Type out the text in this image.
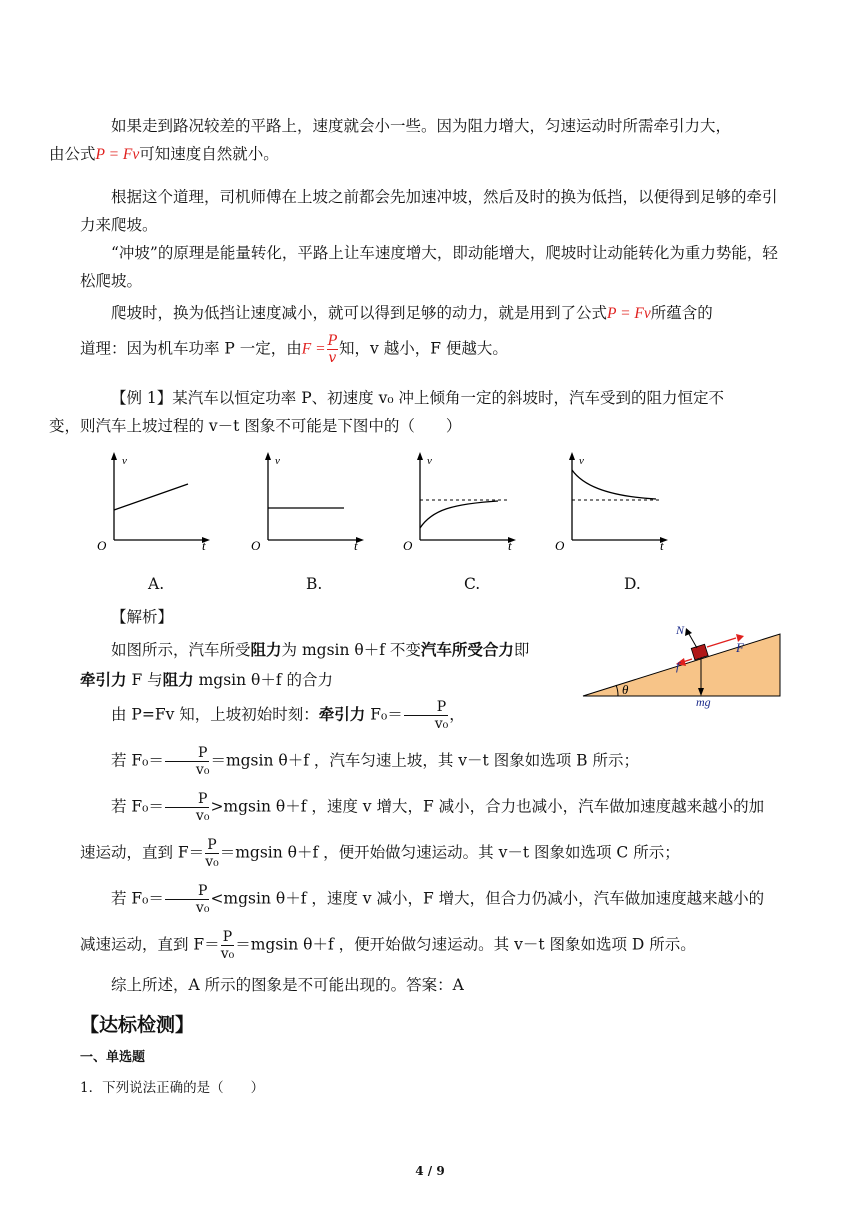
如果走到路况较差的平路上，速度就会小一些。因为阻力增大，匀速运动时所需牵引力大，
由公式P = Fv可知速度自然就小。
根据这个道理，司机师傅在上坡之前都会先加速冲坡，然后及时的换为低挡，以便得到足够的牵引力来爬坡。
“冲坡”的原理是能量转化，平路上让车速度增大，即动能增大，爬坡时让动能转化为重力势能，轻松爬坡。
爬坡时，换为低挡让速度减小，就可以得到足够的动力，就是用到了公式P = Fv所蕴含的
道理：因为机车功率 P 一定，由$F = \frac{P}{v}$ 知，v 越小，F 便越大。
【例 1】某汽车以恒定功率 P、初速度 v₀ 冲上倾角一定的斜坡时，汽车受到的阻力恒定不
变，则汽车上坡过程的 v－t 图象不可能是下图中的（　　）
v
t
O
v
t
O
v
t
O
v
t
O
A.	B.	C.	D.
【解析】
如图所示，汽车所受阻力为 mgsin θ＋f 不变汽车所受合力即
牵引力 F 与阻力 mgsin θ＋f 的合力
θ
N
F
f
mg
由 P=Fv 知，上坡初始时刻：牵引力 $F_0= \frac{P}{\text{v₀}}$ ，
若 $F_0= \frac{P}{\text{v₀}} =mgsin$ θ＋f ，汽车匀速上坡，其 v－t 图象如选项 B 所示；
若 $F_0= \frac{P}{\text{v₀}} >mgsin$ θ＋f ，速度 v 增大，F 减小，合力也减小，汽车做加速度越来越小的加
速运动，直到 $F= \frac{P}{\text{v₀}} =mgsin$ θ＋f ，便开始做匀速运动。其 v－t 图象如选项 C 所示；
若 $F_0= \frac{P}{\text{v₀}} <mgsin$ θ＋f ，速度 v 减小，F 增大，但合力仍减小，汽车做加速度越来越小的
减速运动，直到 $F= \frac{P}{\text{v₀}} =mgsin$ θ＋f ，便开始做匀速运动。其 v－t 图象如选项 D 所示。
综上所述，A 所示的图象是不可能出现的。答案：A
【达标检测】
一、单选题
1．下列说法正确的是（　　）
4 / 9
